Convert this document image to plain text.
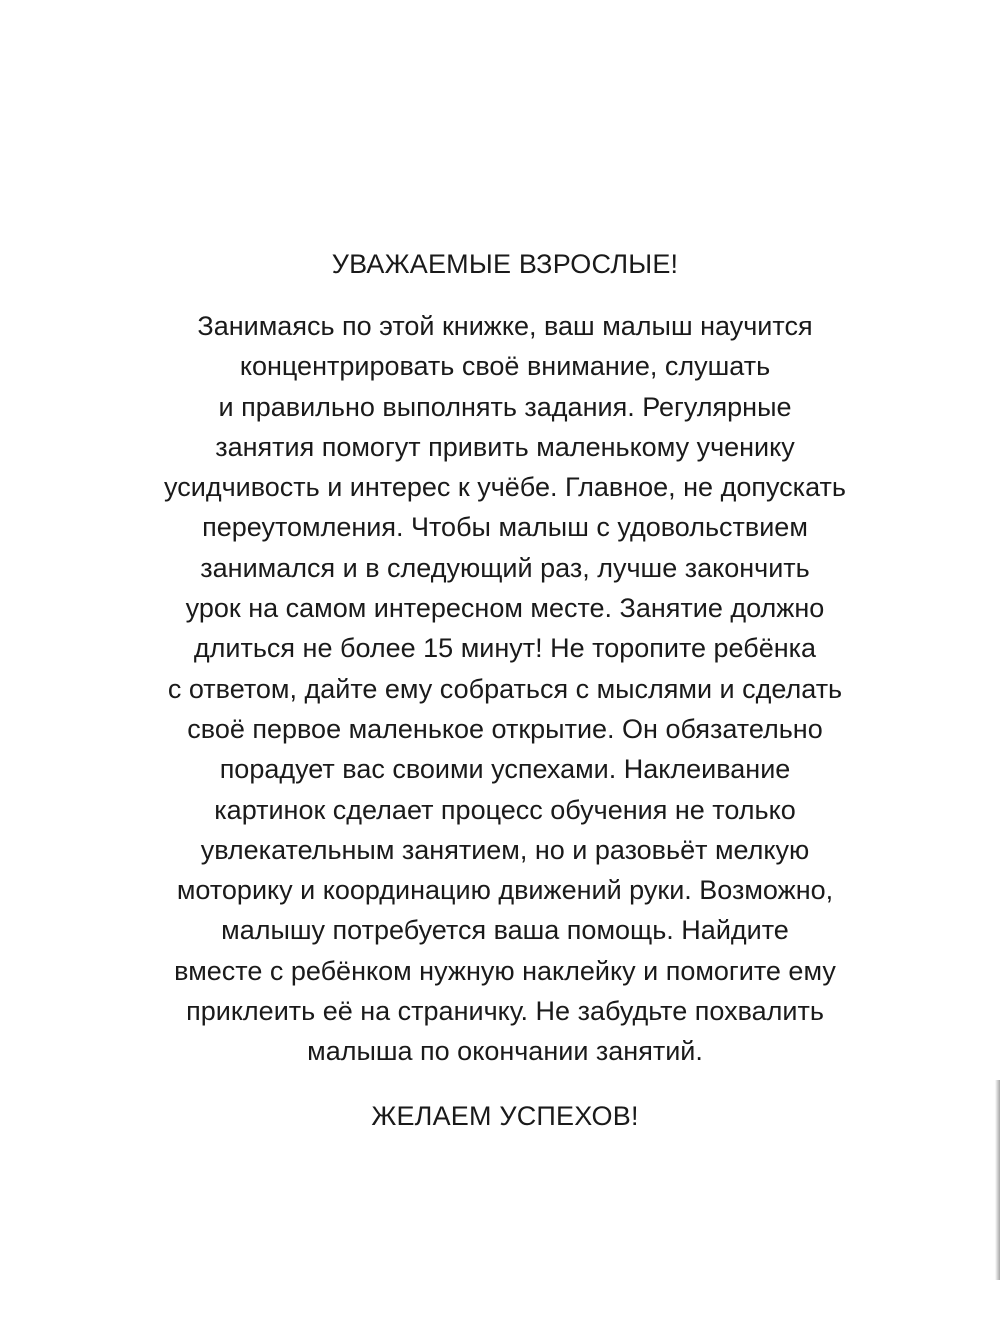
УВАЖАЕМЫЕ ВЗРОСЛЫЕ!
Занимаясь по этой книжке, ваш малыш научится
концентрировать своё внимание, слушать
и правильно выполнять задания. Регулярные
занятия помогут привить маленькому ученику
усидчивость и интерес к учёбе. Главное, не допускать
переутомления. Чтобы малыш с удовольствием
занимался и в следующий раз, лучше закончить
урок на самом интересном месте. Занятие должно
длиться не более 15 минут! Не торопите ребёнка
с ответом, дайте ему собраться с мыслями и сделать
своё первое маленькое открытие. Он обязательно
порадует вас своими успехами. Наклеивание
картинок сделает процесс обучения не только
увлекательным занятием, но и разовьёт мелкую
моторику и координацию движений руки. Возможно,
малышу потребуется ваша помощь. Найдите
вместе с ребёнком нужную наклейку и помогите ему
приклеить её на страничку. Не забудьте похвалить
малыша по окончании занятий.
ЖЕЛАЕМ УСПЕХОВ!
